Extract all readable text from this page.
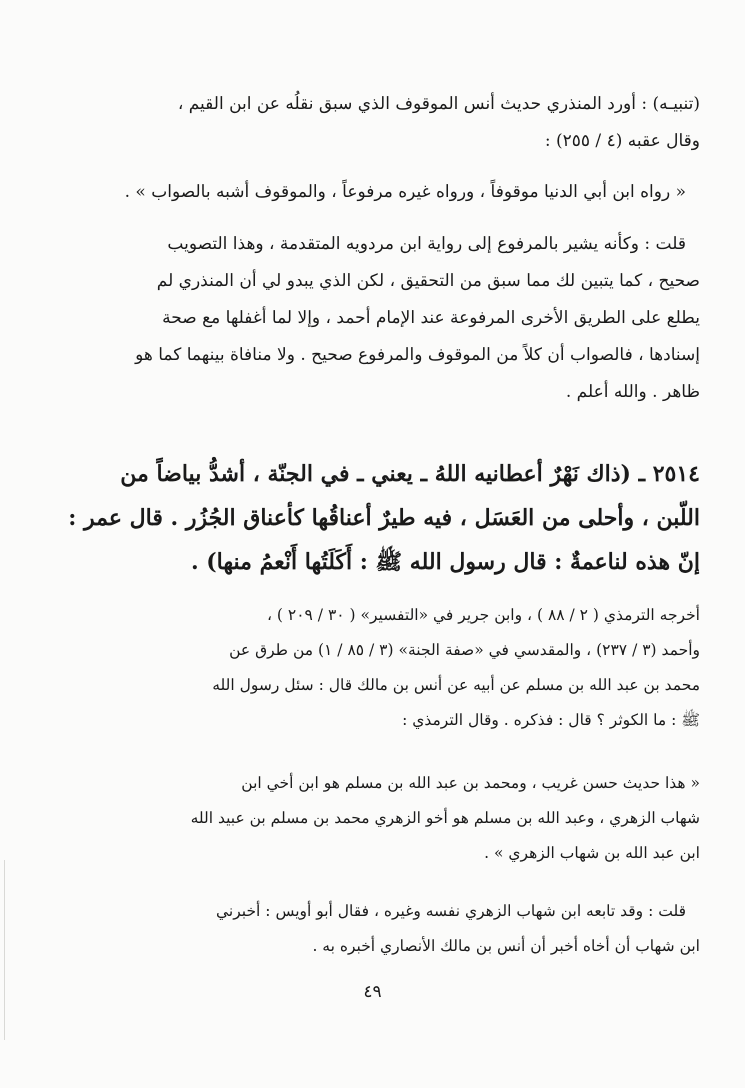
(تنبيـه) : أورد المنذري حديث أنس الموقوف الذي سبق نقلُه عن ابن القيم ،
وقال عقبه (٤ / ٢٥٥) :
« رواه ابن أبي الدنيا موقوفاً ، ورواه غيره مرفوعاً ، والموقوف أشبه بالصواب » .
قلت : وكأنه يشير بالمرفوع إلى رواية ابن مردويه المتقدمة ، وهذا التصويب
صحيح ، كما يتبين لك مما سبق من التحقيق ، لكن الذي يبدو لي أن المنذري لم
يطلع على الطريق الأخرى المرفوعة عند الإمام أحمد ، وإلا لما أغفلها مع صحة
إسنادها ، فالصواب أن كلاً من الموقوف والمرفوع صحيح . ولا منافاة بينهما كما هو
ظاهر . والله أعلم .
٢٥١٤ ـ (ذاك نَهْرٌ أعطانيه اللهُ ـ يعني ـ في الجنّة ، أشدُّ بياضاً من
اللّبن ، وأحلى من العَسَل ، فيه طيرٌ أعناقُها كأعناق الجُزُر . قال عمر :
إنّ هذه لناعمةٌ : قال رسول الله ﷺ : أَكَلَتُها أَنْعمُ منها) .
أخرجه الترمذي ( ٢ / ٨٨ ) ، وابن جرير في «التفسير» ( ٣٠ / ٢٠٩ ) ،
وأحمد (٣ / ٢٣٧) ، والمقدسي في «صفة الجنة» (٣ / ٨٥ / ١) من طرق عن
محمد بن عبد الله بن مسلم عن أبيه عن أنس بن مالك قال : سئل رسول الله
ﷺ : ما الكوثر ؟ قال : فذكره . وقال الترمذي :
« هذا حديث حسن غريب ، ومحمد بن عبد الله بن مسلم هو ابن أخي ابن
شهاب الزهري ، وعبد الله بن مسلم هو أخو الزهري محمد بن مسلم بن عبيد الله
ابن عبد الله بن شهاب الزهري » .
قلت : وقد تابعه ابن شهاب الزهري نفسه وغيره ، فقال أبو أويس : أخبرني
ابن شهاب أن أخاه أخبر أن أنس بن مالك الأنصاري أخبره به .
٤٩
